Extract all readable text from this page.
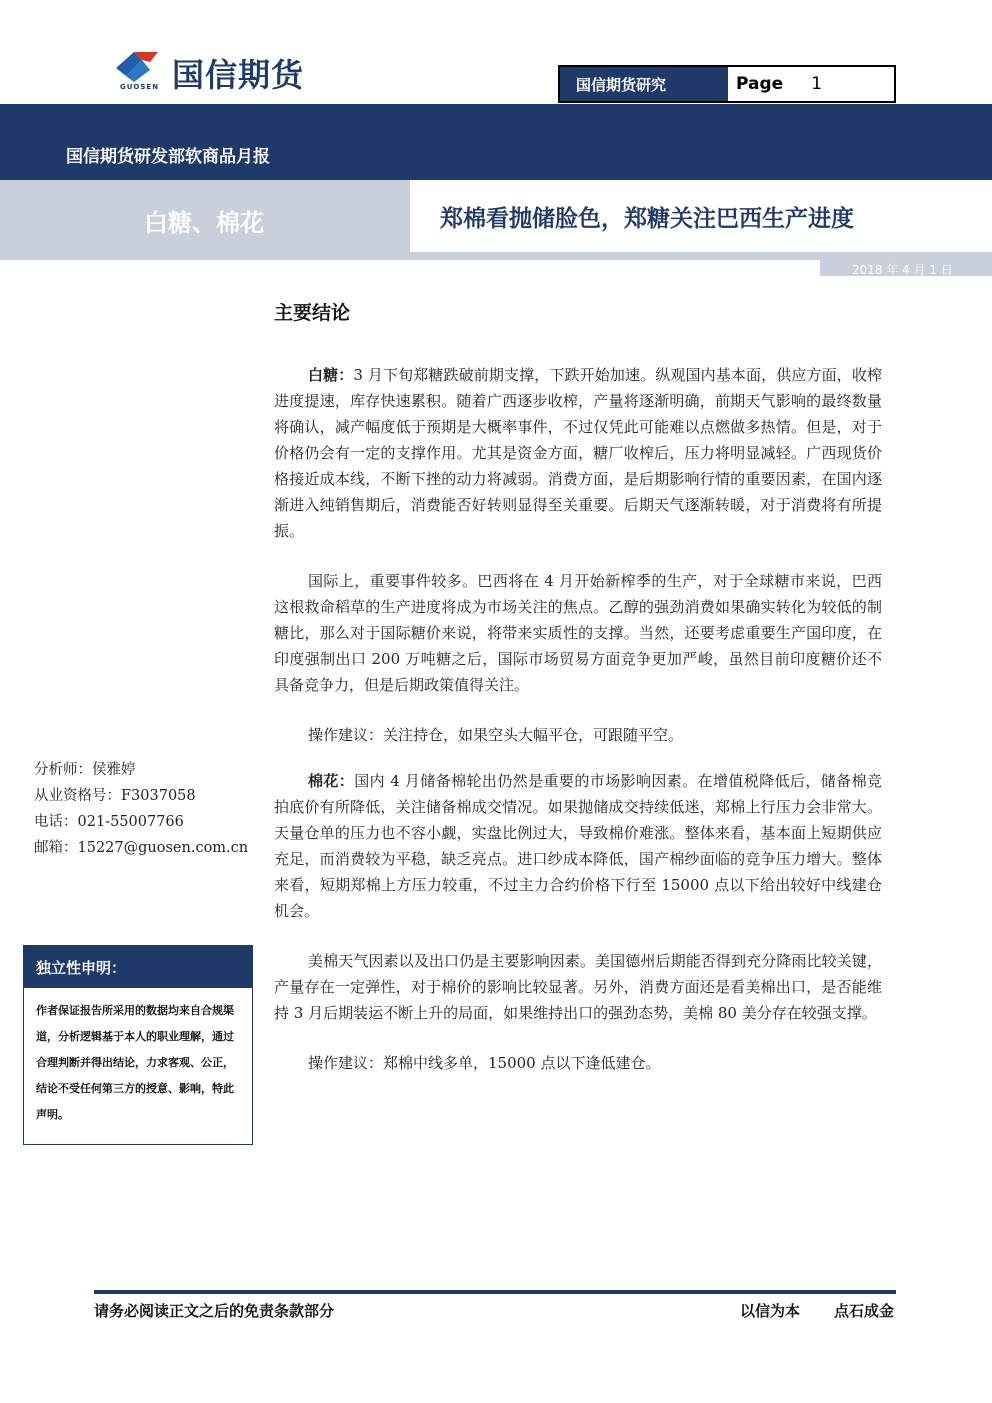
国信期货
GUOSEN	国信期货研究	Page 1
国信期货研发部软商品月报
白糖、棉花	郑棉看抛储脸色，郑糖关注巴西生产进度
2018 年 4 月 1 日
主要结论

白糖：3 月下旬郑糖跌破前期支撑，下跌开始加速。纵观国内基本面，供应方面，收榨进度提速，库存快速累积。随着广西逐步收榨，产量将逐渐明确，前期天气影响的最终数量将确认，减产幅度低于预期是大概率事件，不过仅凭此可能难以点燃做多热情。但是，对于价格仍会有一定的支撑作用。尤其是资金方面，糖厂收榨后，压力将明显减轻。广西现货价格接近成本线，不断下挫的动力将减弱。消费方面，是后期影响行情的重要因素，在国内逐渐进入纯销售期后，消费能否好转则显得至关重要。后期天气逐渐转暖，对于消费将有所提振。

国际上，重要事件较多。巴西将在 4 月开始新榨季的生产，对于全球糖市来说，巴西这根救命稻草的生产进度将成为市场关注的焦点。乙醇的强劲消费如果确实转化为较低的制糖比，那么对于国际糖价来说，将带来实质性的支撑。当然，还要考虑重要生产国印度，在印度强制出口 200 万吨糖之后，国际市场贸易方面竞争更加严峻，虽然目前印度糖价还不具备竞争力，但是后期政策值得关注。

操作建议：关注持仓，如果空头大幅平仓，可跟随平空。

棉花：国内 4 月储备棉轮出仍然是重要的市场影响因素。在增值税降低后，储备棉竞拍底价有所降低，关注储备棉成交情况。如果抛储成交持续低迷，郑棉上行压力会非常大。天量仓单的压力也不容小觑，实盘比例过大，导致棉价难涨。整体来看，基本面上短期供应充足，而消费较为平稳，缺乏亮点。进口纱成本降低，国产棉纱面临的竞争压力增大。整体来看，短期郑棉上方压力较重，不过主力合约价格下行至 15000 点以下给出较好中线建仓机会。

美棉天气因素以及出口仍是主要影响因素。美国德州后期能否得到充分降雨比较关键，产量存在一定弹性，对于棉价的影响比较显著。另外，消费方面还是看美棉出口，是否能维持 3 月后期装运不断上升的局面，如果维持出口的强劲态势，美棉 80 美分存在较强支撑。

操作建议：郑棉中线多单，15000 点以下逢低建仓。

分析师：侯雅婷
从业资格号：F3037058
电话：021-55007766
邮箱：15227@guosen.com.cn
独立性申明：
作者保证报告所采用的数据均来自合规渠道，分析逻辑基于本人的职业理解，通过合理判断并得出结论，力求客观、公正，结论不受任何第三方的授意、影响，特此声明。
请务必阅读正文之后的免责条款部分	以信为本 点石成金
